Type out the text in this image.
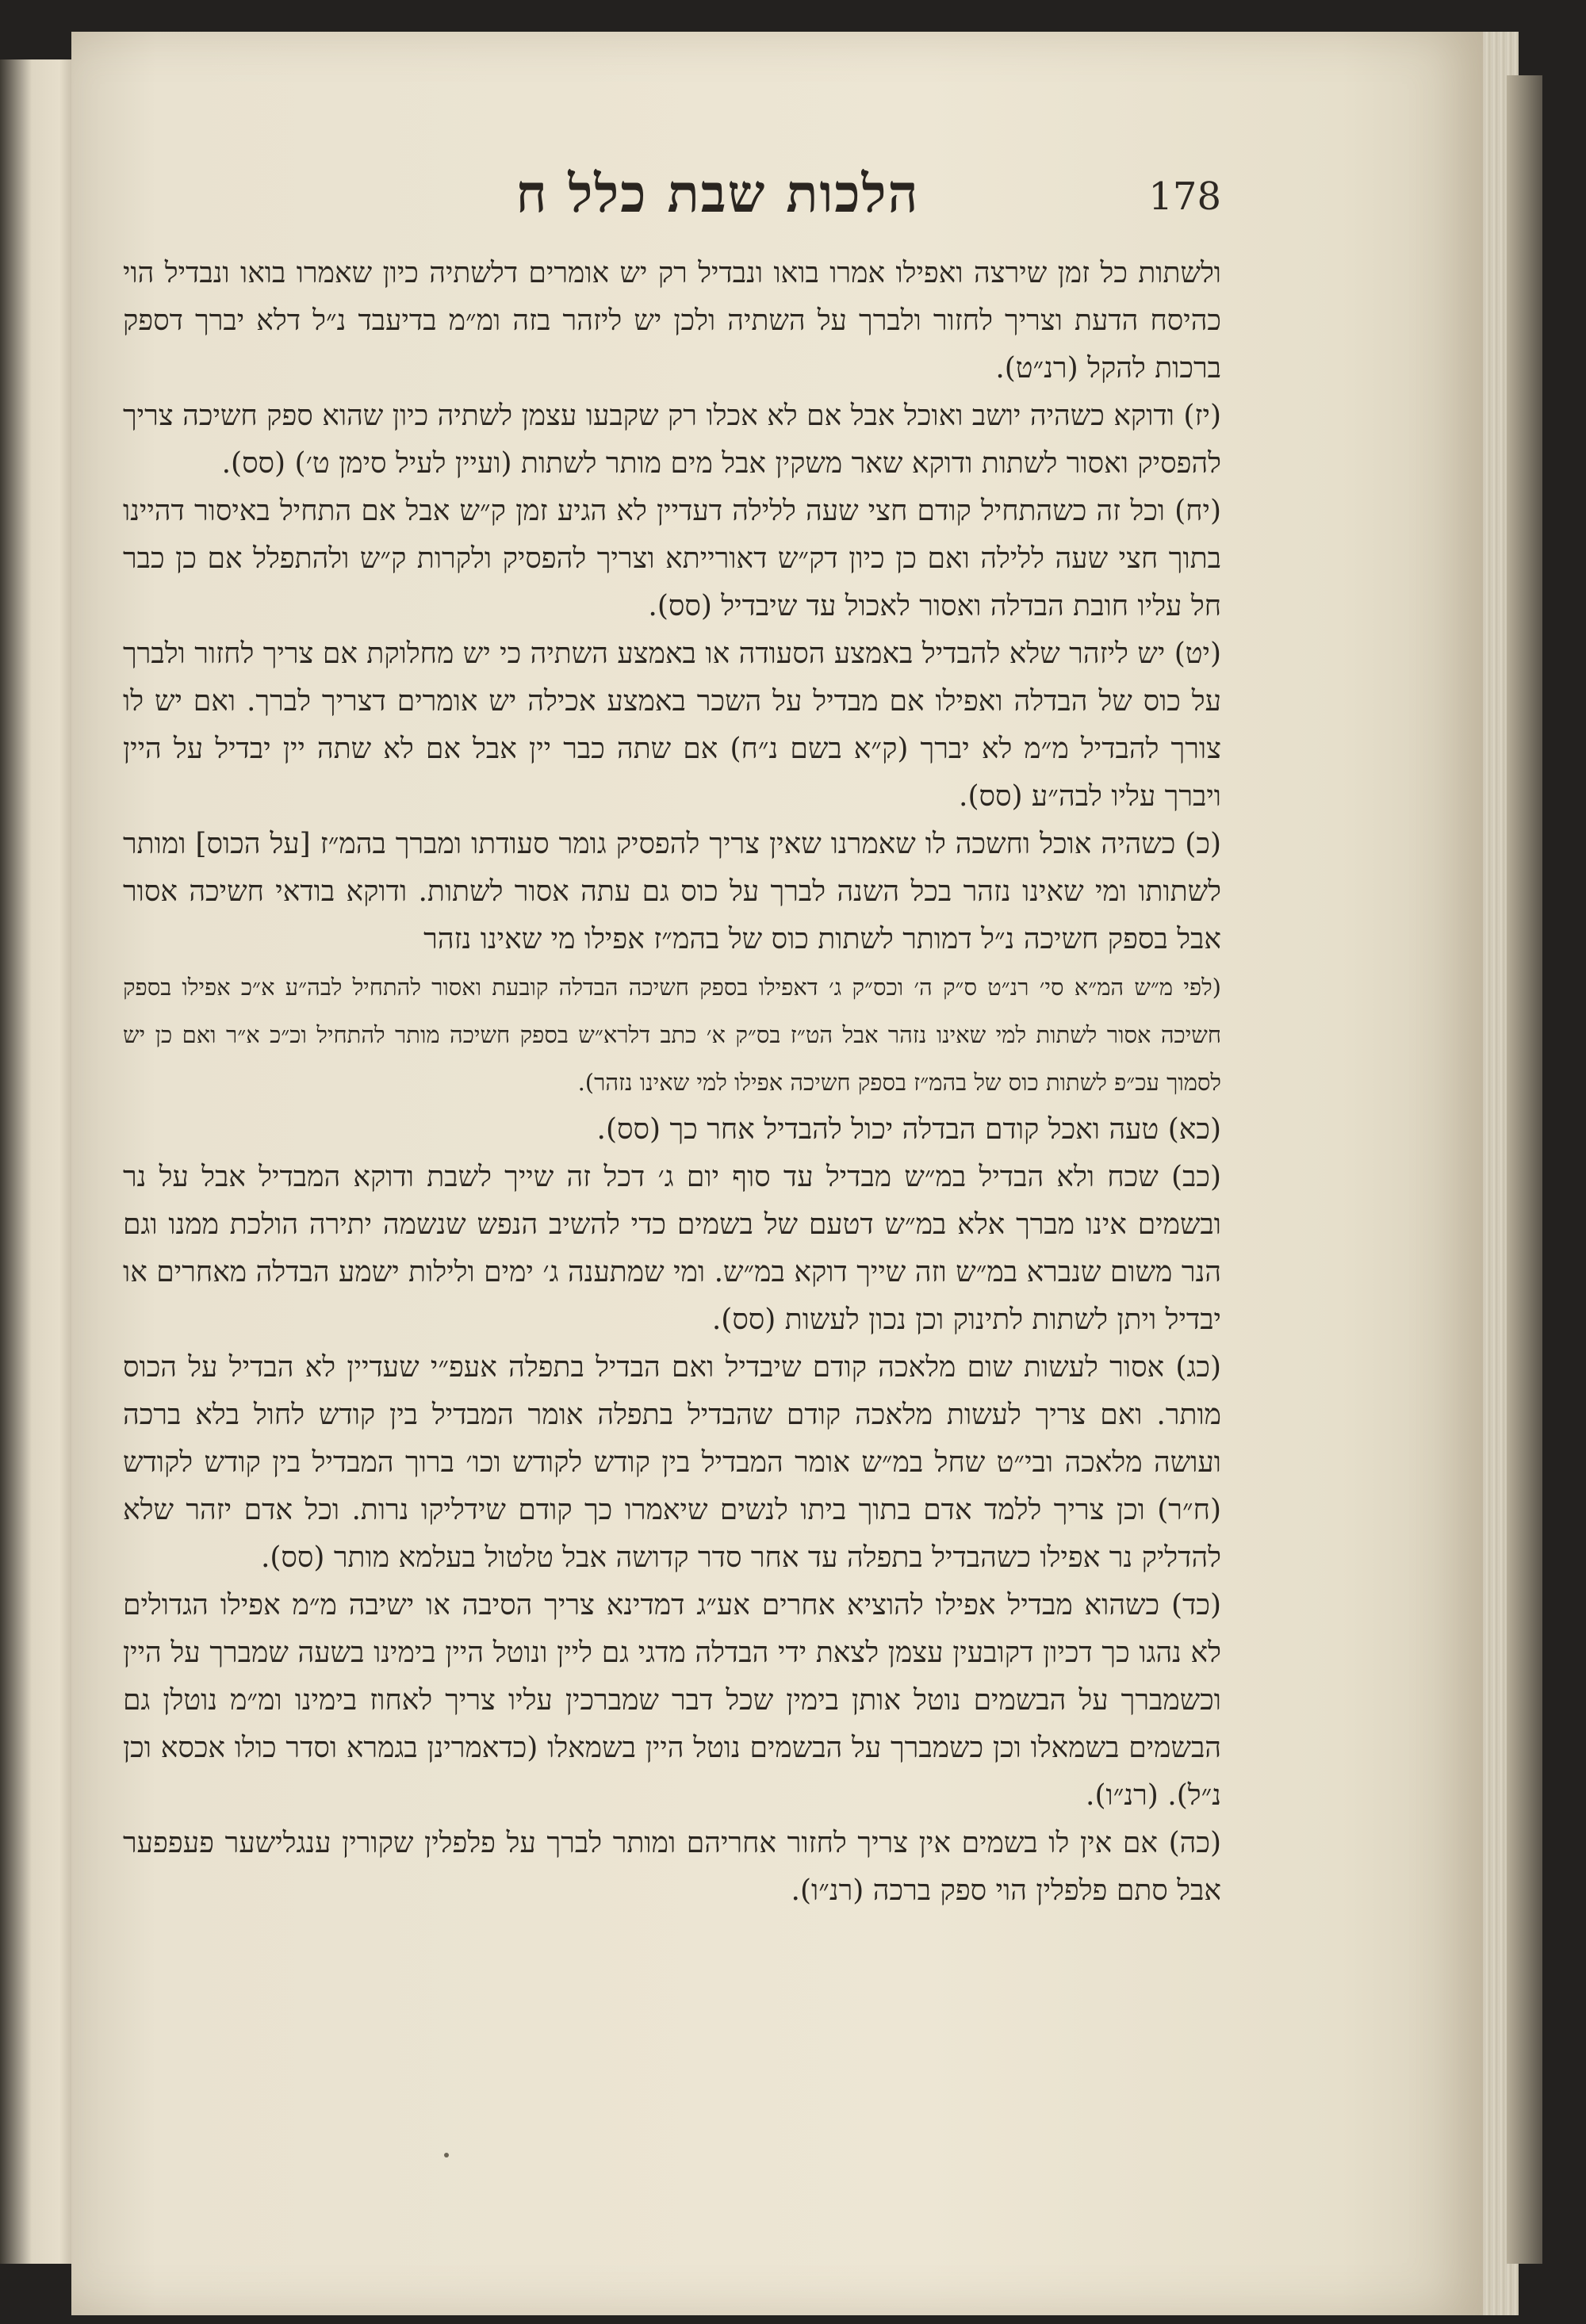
הלכות שבת כלל ח	178

ולשתות כל זמן שירצה ואפילו אמרו בואו ונבדיל רק יש אומרים דלשתיה כיון שאמרו בואו ונבדיל הוי כהיסח הדעת וצריך לחזור ולברך על השתיה ולכן יש ליזהר בזה ומ״מ בדיעבד נ״ל דלא יברך דספק ברכות להקל (רנ״ט).

(יז) ודוקא כשהיה יושב ואוכל אבל אם לא אכלו רק שקבעו עצמן לשתיה כיון שהוא ספק חשיכה צריך להפסיק ואסור לשתות ודוקא שאר משקין אבל מים מותר לשתות (ועיין לעיל סימן ט׳) (סס).

(יח) וכל זה כשהתחיל קודם חצי שעה ללילה דעדיין לא הגיע זמן ק״ש אבל אם התחיל באיסור דהיינו בתוך חצי שעה ללילה ואם כן כיון דק״ש דאורייתא וצריך להפסיק ולקרות ק״ש ולהתפלל אם כן כבר חל עליו חובת הבדלה ואסור לאכול עד שיבדיל (סס).

(יט) יש ליזהר שלא להבדיל באמצע הסעודה או באמצע השתיה כי יש מחלוקת אם צריך לחזור ולברך על כוס של הבדלה ואפילו אם מבדיל על השכר באמצע אכילה יש אומרים דצריך לברך. ואם יש לו צורך להבדיל מ״מ לא יברך (ק״א בשם נ״ח) אם שתה כבר יין אבל אם לא שתה יין יבדיל על היין ויברך עליו לבה״ע (סס).

(כ) כשהיה אוכל וחשכה לו שאמרנו שאין צריך להפסיק גומר סעודתו ומברך בהמ״ז [על הכוס] ומותר לשתותו ומי שאינו נזהר בכל השנה לברך על כוס גם עתה אסור לשתות. ודוקא בודאי חשיכה אסור אבל בספק חשיכה נ״ל דמותר לשתות כוס של בהמ״ז אפילו מי שאינו נזהר

(לפי מ״ש המ״א סי׳ רנ״ט ס״ק ה׳ וכס״ק ג׳ דאפילו בספק חשיכה הבדלה קובעת ואסור להתחיל לבה״ע א״כ אפילו בספק חשיכה אסור לשתות למי שאינו נזהר אבל הט״ז בס״ק א׳ כתב דלרא״ש בספק חשיכה מותר להתחיל וכ״כ א״ר ואם כן יש לסמוך עכ״פ לשתות כוס של בהמ״ז בספק חשיכה אפילו למי שאינו נזהר).

(כא) טעה ואכל קודם הבדלה יכול להבדיל אחר כך (סס).

(כב) שכח ולא הבדיל במ״ש מבדיל עד סוף יום ג׳ דכל זה שייך לשבת ודוקא המבדיל אבל על נר ובשמים אינו מברך אלא במ״ש דטעם של בשמים כדי להשיב הנפש שנשמה יתירה הולכת ממנו וגם הנר משום שנברא במ״ש וזה שייך דוקא במ״ש. ומי שמתענה ג׳ ימים ולילות ישמע הבדלה מאחרים או יבדיל ויתן לשתות לתינוק וכן נכון לעשות (סס).

(כג) אסור לעשות שום מלאכה קודם שיבדיל ואם הבדיל בתפלה אעפ״י שעדיין לא הבדיל על הכוס מותר. ואם צריך לעשות מלאכה קודם שהבדיל בתפלה אומר המבדיל בין קודש לחול בלא ברכה ועושה מלאכה ובי״ט שחל במ״ש אומר המבדיל בין קודש לקודש וכו׳ ברוך המבדיל בין קודש לקודש (ח״ר) וכן צריך ללמד אדם בתוך ביתו לנשים שיאמרו כך קודם שידליקו נרות. וכל אדם יזהר שלא להדליק נר אפילו כשהבדיל בתפלה עד אחר סדר קדושה אבל טלטול בעלמא מותר (סס).

(כד) כשהוא מבדיל אפילו להוציא אחרים אע״ג דמדינא צריך הסיבה או ישיבה מ״מ אפילו הגדולים לא נהגו כך דכיון דקובעין עצמן לצאת ידי הבדלה מדגי גם ליין ונוטל היין בימינו בשעה שמברך על היין וכשמברך על הבשמים נוטל אותן בימין שכל דבר שמברכין עליו צריך לאחוז בימינו ומ״מ נוטלן גם הבשמים בשמאלו וכן כשמברך על הבשמים נוטל היין בשמאלו (כדאמרינן בגמרא וסדר כולו אכסא וכן נ״ל). (רנ״ו).

(כה) אם אין לו בשמים אין צריך לחזור אחריהם ומותר לברך על פלפלין שקורין ענגלישער פעפפער אבל סתם פלפלין הוי ספק ברכה (רנ״ו).
